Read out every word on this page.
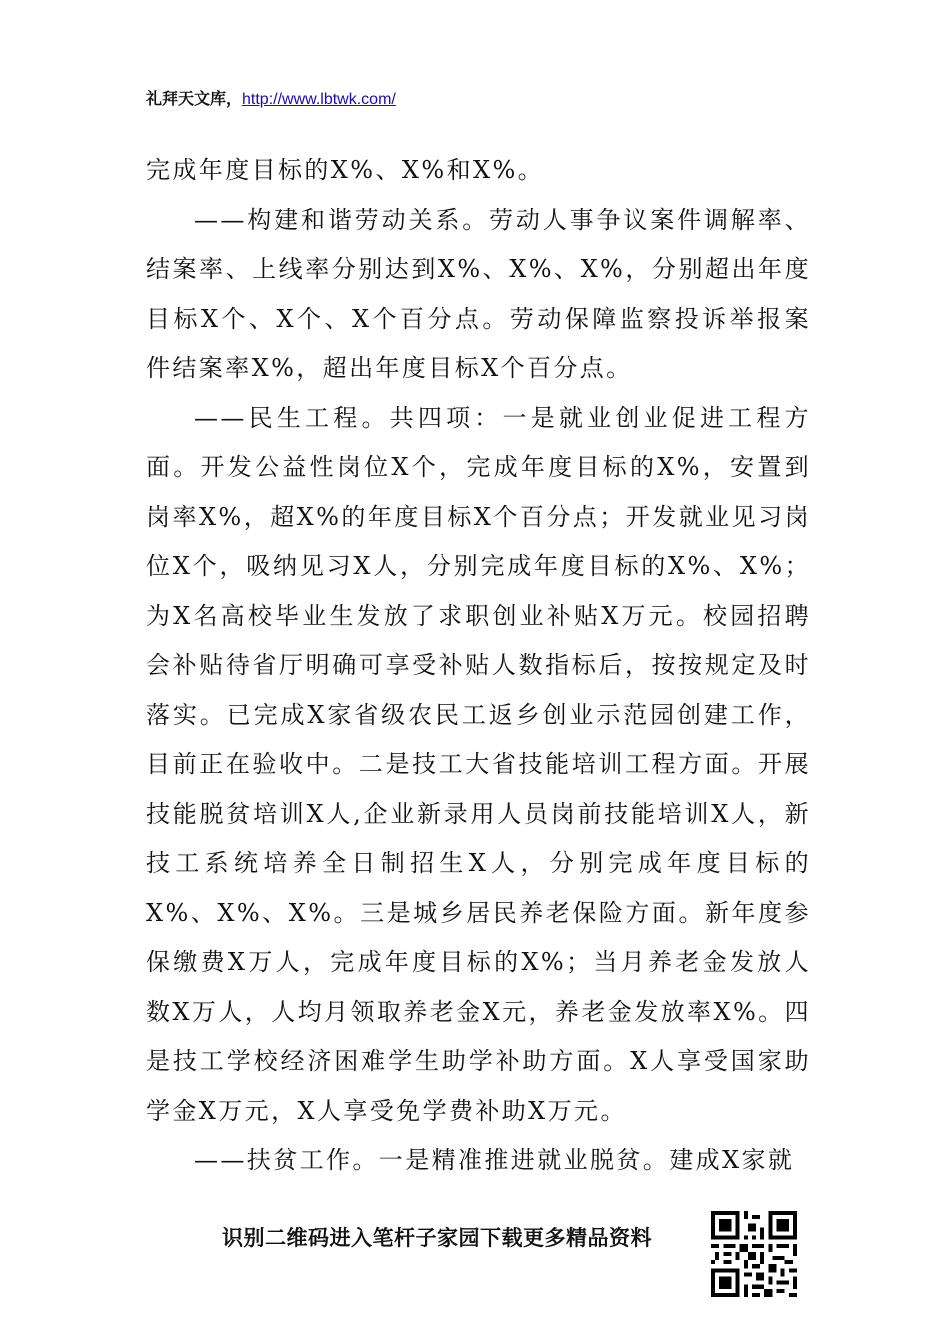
礼拜天文库，http://www.lbtwk.com/

完成年度目标的X%、X%和X%。

——构建和谐劳动关系。劳动人事争议案件调解率、结案率、上线率分别达到X%、X%、X%，分别超出年度目标X个、X个、X个百分点。劳动保障监察投诉举报案件结案率X%，超出年度目标X个百分点。

——民生工程。共四项：一是就业创业促进工程方面。开发公益性岗位X个，完成年度目标的X%，安置到岗率X%，超X%的年度目标X个百分点；开发就业见习岗位X个，吸纳见习X人，分别完成年度目标的X%、X%；为X名高校毕业生发放了求职创业补贴X万元。校园招聘会补贴待省厅明确可享受补贴人数指标后，按按规定及时落实。已完成X家省级农民工返乡创业示范园创建工作，目前正在验收中。二是技工大省技能培训工程方面。开展技能脱贫培训X人,企业新录用人员岗前技能培训X人，新技工系统培养全日制招生X人，分别完成年度目标的X%、X%、X%。三是城乡居民养老保险方面。新年度参保缴费X万人，完成年度目标的X%；当月养老金发放人数X万人，人均月领取养老金X元，养老金发放率X%。四是技工学校经济困难学生助学补助方面。X人享受国家助学金X万元，X人享受免学费补助X万元。

——扶贫工作。一是精准推进就业脱贫。建成X家就

识别二维码进入笔杆子家园下载更多精品资料
